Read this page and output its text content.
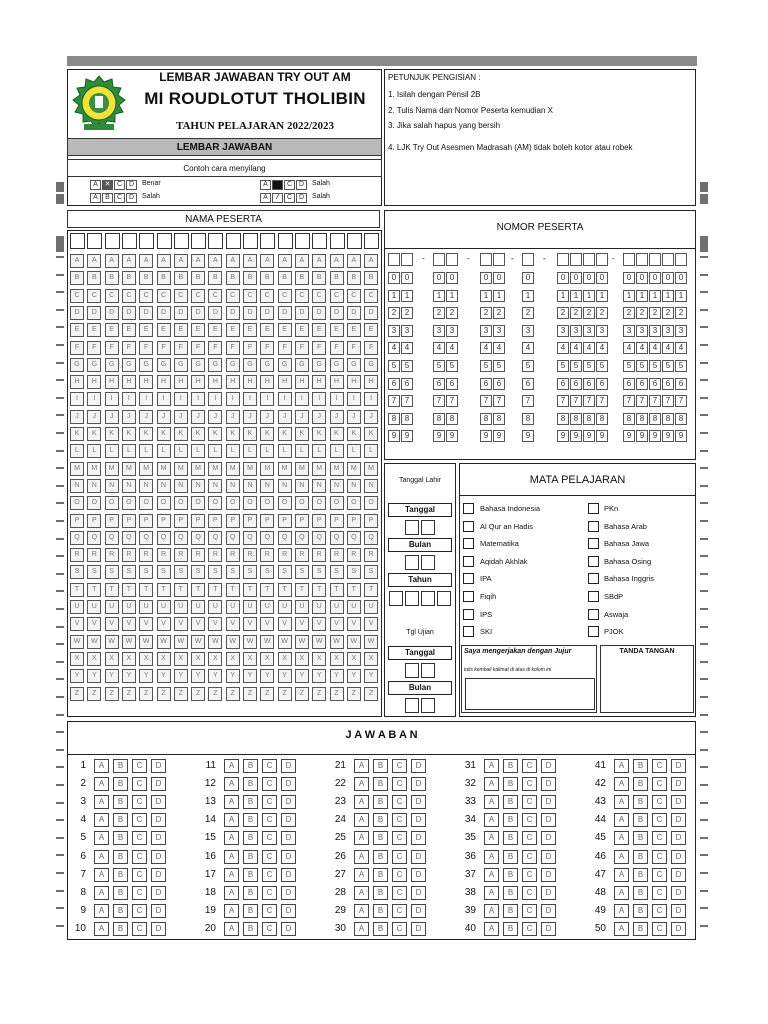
LEMBAR JAWABAN TRY OUT AM
MI ROUDLOTUT THOLIBIN
TAHUN PELAJARAN 2022/2023
LEMBAR JAWABAN
Contoh cara menyilang
A ✕ C D	Benar
A	B	C D	Salah
A	B	C D	Salah
A	⁄	C D	Salah
PETUNJUK PENGISIAN :
1. Isilah dengan Pensil 2B
2. Tulis Nama dan Nomor Peserta kemudian X
3. Jika salah hapus yang bersih
4. LJK Try Out Asesmen Madrasah (AM) tidak boleh kotor atau robek
NAMA PESERTA
A	A	A	A	A	A	A	A	A	A	A	A	A	A	A	A	A	A
B	B	B	B	B	B	B	B	B	B	B	B	B	B	B	B	B	B
C	C	C	C	C	C	C	C	C	C	C	C	C	C	C	C	C	C
D	D	D	D	D	D	D	D	D	D	D	D	D	D	D	D	D	D
E	E	E	E	E	E	E	E	E	E	E	E	E	E	E	E	E	E
F	F	F	F	F	F	F	F	F	F	F	F	F	F	F	F	F	F
G	G	G	G	G	G	G	G	G	G	G	G	G	G	G	G	G	G
H	H	H	H	H	H	H	H	H	H	H	H	H	H	H	H	H	H
I	I	I	I	I	I	I	I	I	I	I	I	I	I	I	I	I	I
J	J	J	J	J	J	J	J	J	J	J	J	J	J	J	J	J	J
K	K	K	K	K	K	K	K	K	K	K	K	K	K	K	K	K	K
L	L	L	L	L	L	L	L	L	L	L	L	L	L	L	L	L	L
M	M	M	M	M	M	M	M	M	M	M	M	M	M	M	M	M	M
N	N	N	N	N	N	N	N	N	N	N	N	N	N	N	N	N	N
O	O	O	O	O	O	O	O	O	O	O	O	O	O	O	O	O	O
P	P	P	P	P	P	P	P	P	P	P	P	P	P	P	P	P	P
Q	Q	Q	Q	Q	Q	Q	Q	Q	Q	Q	Q	Q	Q	Q	Q	Q	Q
R	R	R	R	R	R	R	R	R	R	R	R	R	R	R	R	R	R
S	S	S	S	S	S	S	S	S	S	S	S	S	S	S	S	S	S
T	T	T	T	T	T	T	T	T	T	T	T	T	T	T	T	T	T
U	U	U	U	U	U	U	U	U	U	U	U	U	U	U	U	U	U
V	V	V	V	V	V	V	V	V	V	V	V	V	V	V	V	V	V
W	W	W	W	W	W	W	W	W	W	W	W	W	W	W	W	W	W
X	X	X	X	X	X	X	X	X	X	X	X	X	X	X	X	X	X
Y	Y	Y	Y	Y	Y	Y	Y	Y	Y	Y	Y	Y	Y	Y	Y	Y	Y
Z	Z	Z	Z	Z	Z	Z	Z	Z	Z	Z	Z	Z	Z	Z	Z	Z	Z
NOMOR PESERTA
-	-	-	-	-
0	0	0	0	0	0	0	0	0	0	0	0	0	0	0	0
1	1	1	1	1	1	1	1	1	1	1	1	1	1	1	1
2	2	2	2	2	2	2	2	2	2	2	2	2	2	2	2
3	3	3	3	3	3	3	3	3	3	3	3	3	3	3	3
4	4	4	4	4	4	4	4	4	4	4	4	4	4	4	4
5	5	5	5	5	5	5	5	5	5	5	5	5	5	5	5
6	6	6	6	6	6	6	6	6	6	6	6	6	6	6	6
7	7	7	7	7	7	7	7	7	7	7	7	7	7	7	7
8	8	8	8	8	8	8	8	8	8	8	8	8	8	8	8
9	9	9	9	9	9	9	9	9	9	9	9	9	9	9	9
Tanggal Lahir
Tanggal
Bulan
Tahun
Tgl Ujian
Tanggal
Bulan
MATA PELAJARAN
Bahasa Indonesia
Al Qur an Hadis
Matematika
Aqidah Akhlak
IPA
Fiqih
IPS
SKI
PKn
Bahasa Arab
Bahasa Jawa
Bahasa Osing
Bahasa Inggris
SBdP
Aswaja
PJOK
Saya mengerjakan dengan Jujur
tulis kembali kalimat di atas di kolom ini
TANDA TANGAN
J A W A B A N
1	A	B	C	D
2	A	B	C	D
3	A	B	C	D
4	A	B	C	D
5	A	B	C	D
6	A	B	C	D
7	A	B	C	D
8	A	B	C	D
9	A	B	C	D
10	A	B	C	D
11	A	B	C	D
12	A	B	C	D
13	A	B	C	D
14	A	B	C	D
15	A	B	C	D
16	A	B	C	D
17	A	B	C	D
18	A	B	C	D
19	A	B	C	D
20	A	B	C	D
21	A	B	C	D
22	A	B	C	D
23	A	B	C	D
24	A	B	C	D
25	A	B	C	D
26	A	B	C	D
27	A	B	C	D
28	A	B	C	D
29	A	B	C	D
30	A	B	C	D
31	A	B	C	D
32	A	B	C	D
33	A	B	C	D
34	A	B	C	D
35	A	B	C	D
36	A	B	C	D
37	A	B	C	D
38	A	B	C	D
39	A	B	C	D
40	A	B	C	D
41	A	B	C	D
42	A	B	C	D
43	A	B	C	D
44	A	B	C	D
45	A	B	C	D
46	A	B	C	D
47	A	B	C	D
48	A	B	C	D
49	A	B	C	D
50	A	B	C	D
